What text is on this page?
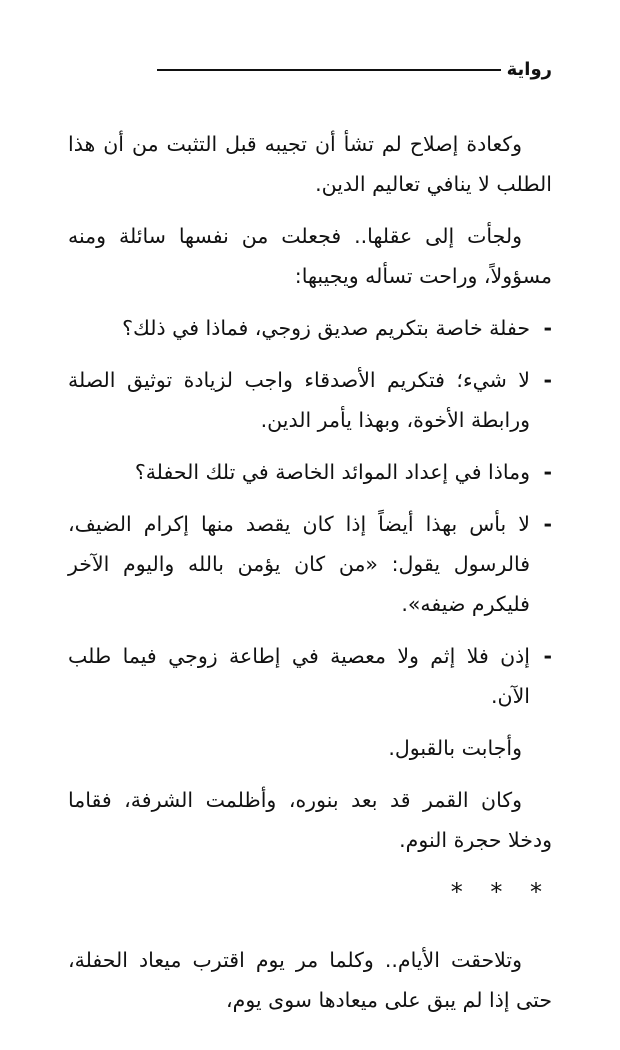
رواية

وكعادة إصلاح لم تشأ أن تجيبه قبل التثبت من أن هذا الطلب لا ينافي تعاليم الدين.

ولجأت إلى عقلها.. فجعلت من نفسها سائلة ومنه مسؤولاً، وراحت تسأله ويجيبها:

-
حفلة خاصة بتكريم صديق زوجي، فماذا في ذلك؟
-
لا شيء؛ فتكريم الأصدقاء واجب لزيادة توثيق الصلة ورابطة الأخوة، وبهذا يأمر الدين.
-
وماذا في إعداد الموائد الخاصة في تلك الحفلة؟
-
لا بأس بهذا أيضاً إذا كان يقصد منها إكرام الضيف، فالرسول يقول: «من كان يؤمن بالله واليوم الآخر فليكرم ضيفه».
-
إذن فلا إثم ولا معصية في إطاعة زوجي فيما طلب الآن.

وأجابت بالقبول.

وكان القمر قد بعد بنوره، وأظلمت الشرفة، فقاما ودخلا حجرة النوم.

* * *

وتلاحقت الأيام.. وكلما مر يوم اقترب ميعاد الحفلة، حتى إذا لم يبق على ميعادها سوى يوم،
